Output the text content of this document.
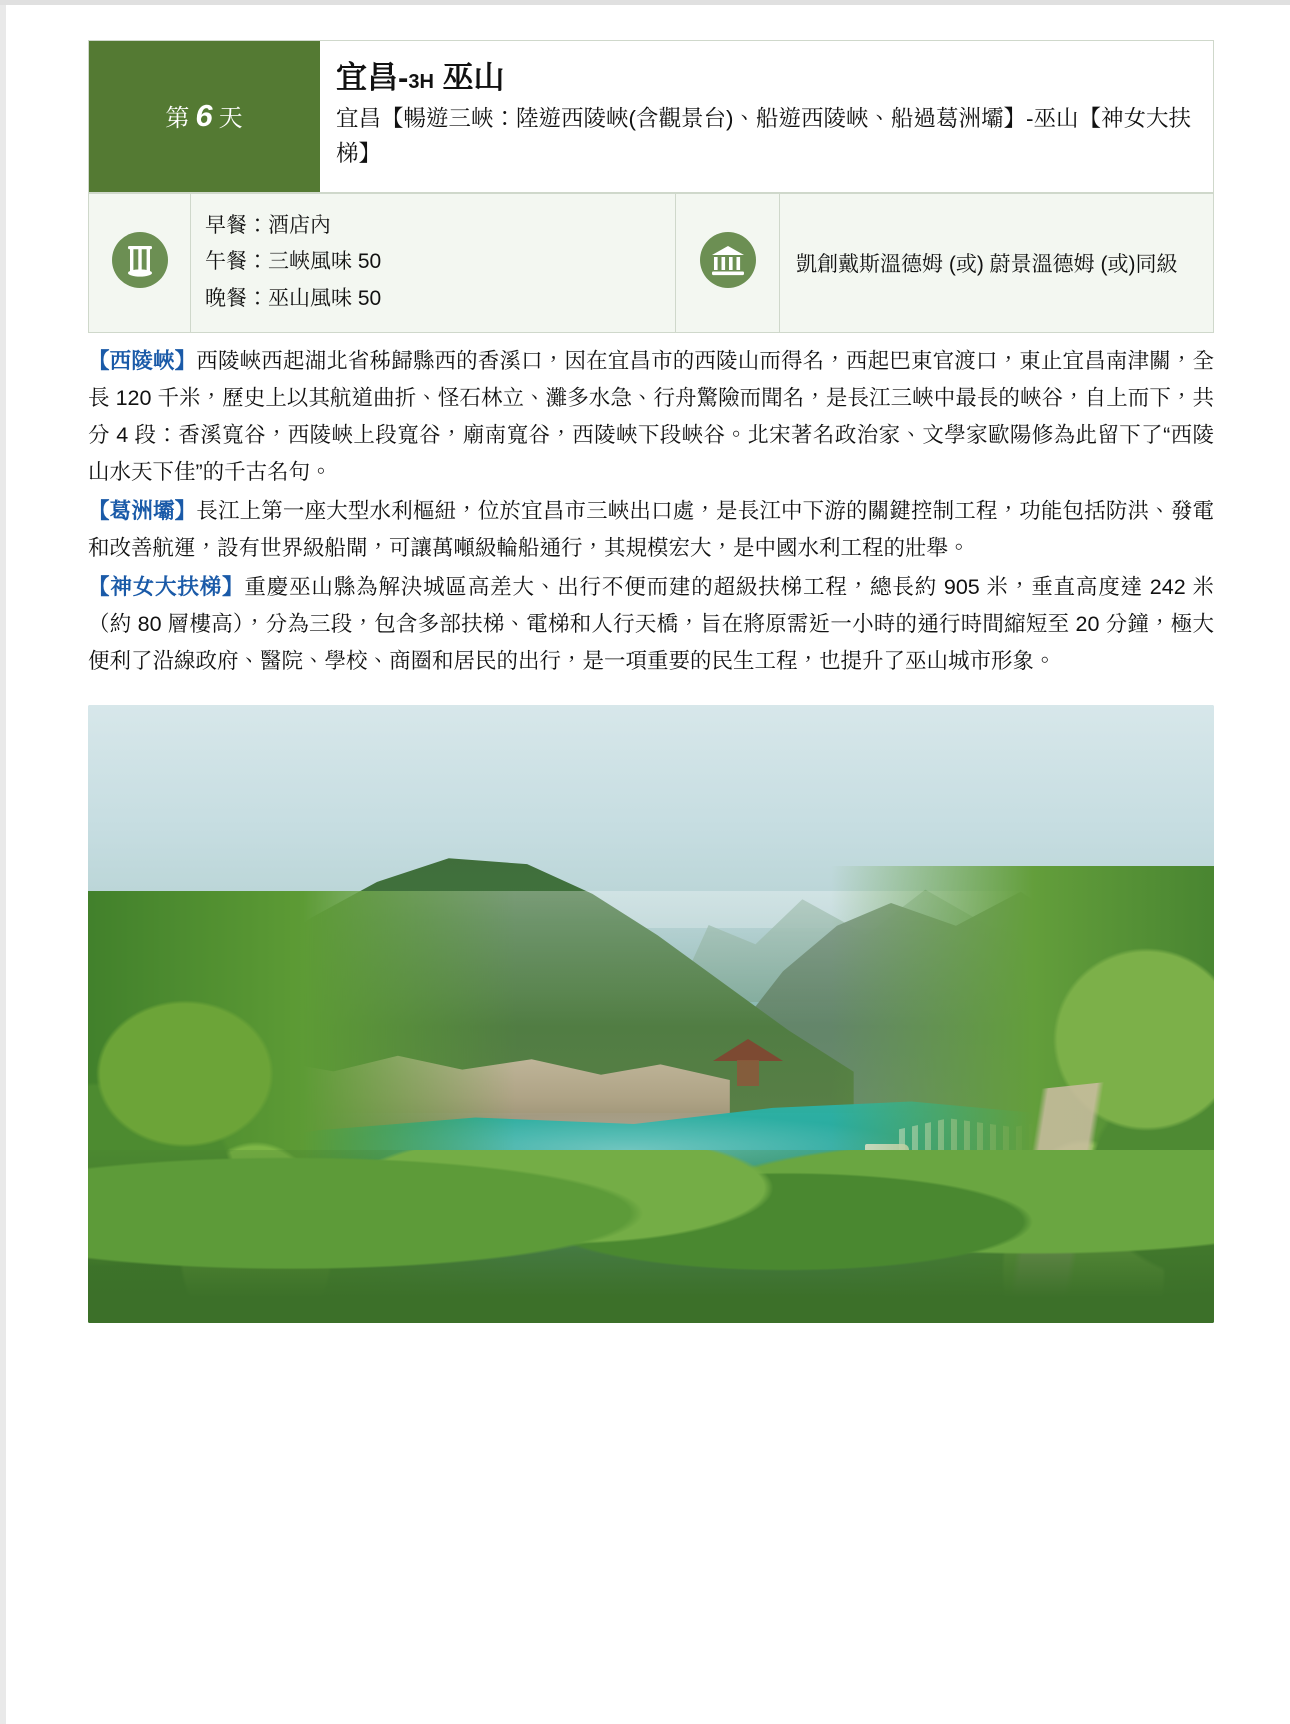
第 6 天	
宜昌-3H 巫山
宜昌【暢遊三峽：陸遊西陵峽(含觀景台)、船遊西陵峽、船過葛洲壩】-巫山【神女大扶梯】

早餐：酒店內
午餐：三峽風味 50
晚餐：巫山風味 50

	凱創戴斯溫德姆 (或) 蔚景溫德姆 (或)同級

【西陵峽】西陵峽西起湖北省秭歸縣西的香溪口，因在宜昌市的西陵山而得名，西起巴東官渡口，東止宜昌南津關，全長 120 千米，歷史上以其航道曲折、怪石林立、灘多水急、行舟驚險而聞名，是長江三峽中最長的峽谷，自上而下，共分 4 段：香溪寬谷，西陵峽上段寬谷，廟南寬谷，西陵峽下段峽谷。北宋著名政治家、文學家歐陽修為此留下了“西陵山水天下佳”的千古名句。

【葛洲壩】長江上第一座大型水利樞紐，位於宜昌市三峽出口處，是長江中下游的關鍵控制工程，功能包括防洪、發電和改善航運，設有世界級船閘，可讓萬噸級輪船通行，其規模宏大，是中國水利工程的壯舉。

【神女大扶梯】重慶巫山縣為解決城區高差大、出行不便而建的超級扶梯工程，總長約 905 米，垂直高度達 242 米（約 80 層樓高），分為三段，包含多部扶梯、電梯和人行天橋，旨在將原需近一小時的通行時間縮短至 20 分鐘，極大便利了沿線政府、醫院、學校、商圈和居民的出行，是一項重要的民生工程，也提升了巫山城市形象。
